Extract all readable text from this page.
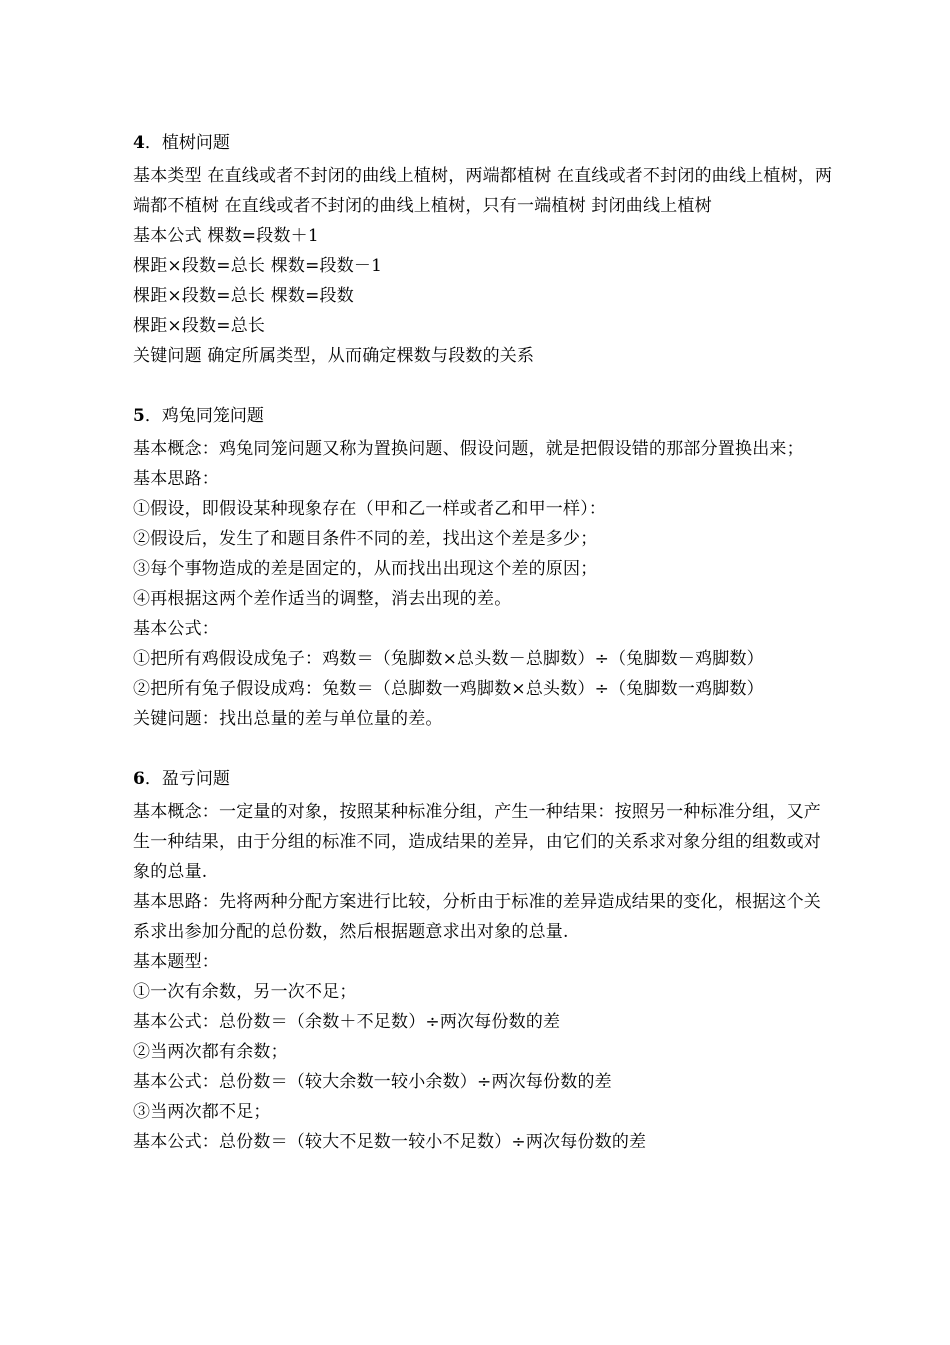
4．植树问题
基本类型 在直线或者不封闭的曲线上植树，两端都植树 在直线或者不封闭的曲线上植树，两端都不植树 在直线或者不封闭的曲线上植树，只有一端植树 封闭曲线上植树
基本公式 棵数=段数＋1
棵距×段数=总长 棵数=段数－1
棵距×段数=总长 棵数=段数
棵距×段数=总长
关键问题 确定所属类型，从而确定棵数与段数的关系
5．鸡兔同笼问题
基本概念：鸡兔同笼问题又称为置换问题、假设问题，就是把假设错的那部分置换出来；
基本思路：
①假设，即假设某种现象存在（甲和乙一样或者乙和甲一样）：
②假设后，发生了和题目条件不同的差，找出这个差是多少；
③每个事物造成的差是固定的，从而找出出现这个差的原因；
④再根据这两个差作适当的调整，消去出现的差。
基本公式：
①把所有鸡假设成兔子：鸡数＝（兔脚数×总头数－总脚数）÷（兔脚数－鸡脚数）
②把所有兔子假设成鸡：兔数＝（总脚数一鸡脚数×总头数）÷（兔脚数一鸡脚数）
关键问题：找出总量的差与单位量的差。
6．盈亏问题
基本概念：一定量的对象，按照某种标准分组，产生一种结果：按照另一种标准分组，又产生一种结果，由于分组的标准不同，造成结果的差异，由它们的关系求对象分组的组数或对象的总量.
基本思路：先将两种分配方案进行比较，分析由于标准的差异造成结果的变化，根据这个关系求出参加分配的总份数，然后根据题意求出对象的总量.
基本题型：
①一次有余数，另一次不足；
基本公式：总份数＝（余数＋不足数）÷两次每份数的差
②当两次都有余数；
基本公式：总份数＝（较大余数一较小余数）÷两次每份数的差
③当两次都不足；
基本公式：总份数＝（较大不足数一较小不足数）÷两次每份数的差
